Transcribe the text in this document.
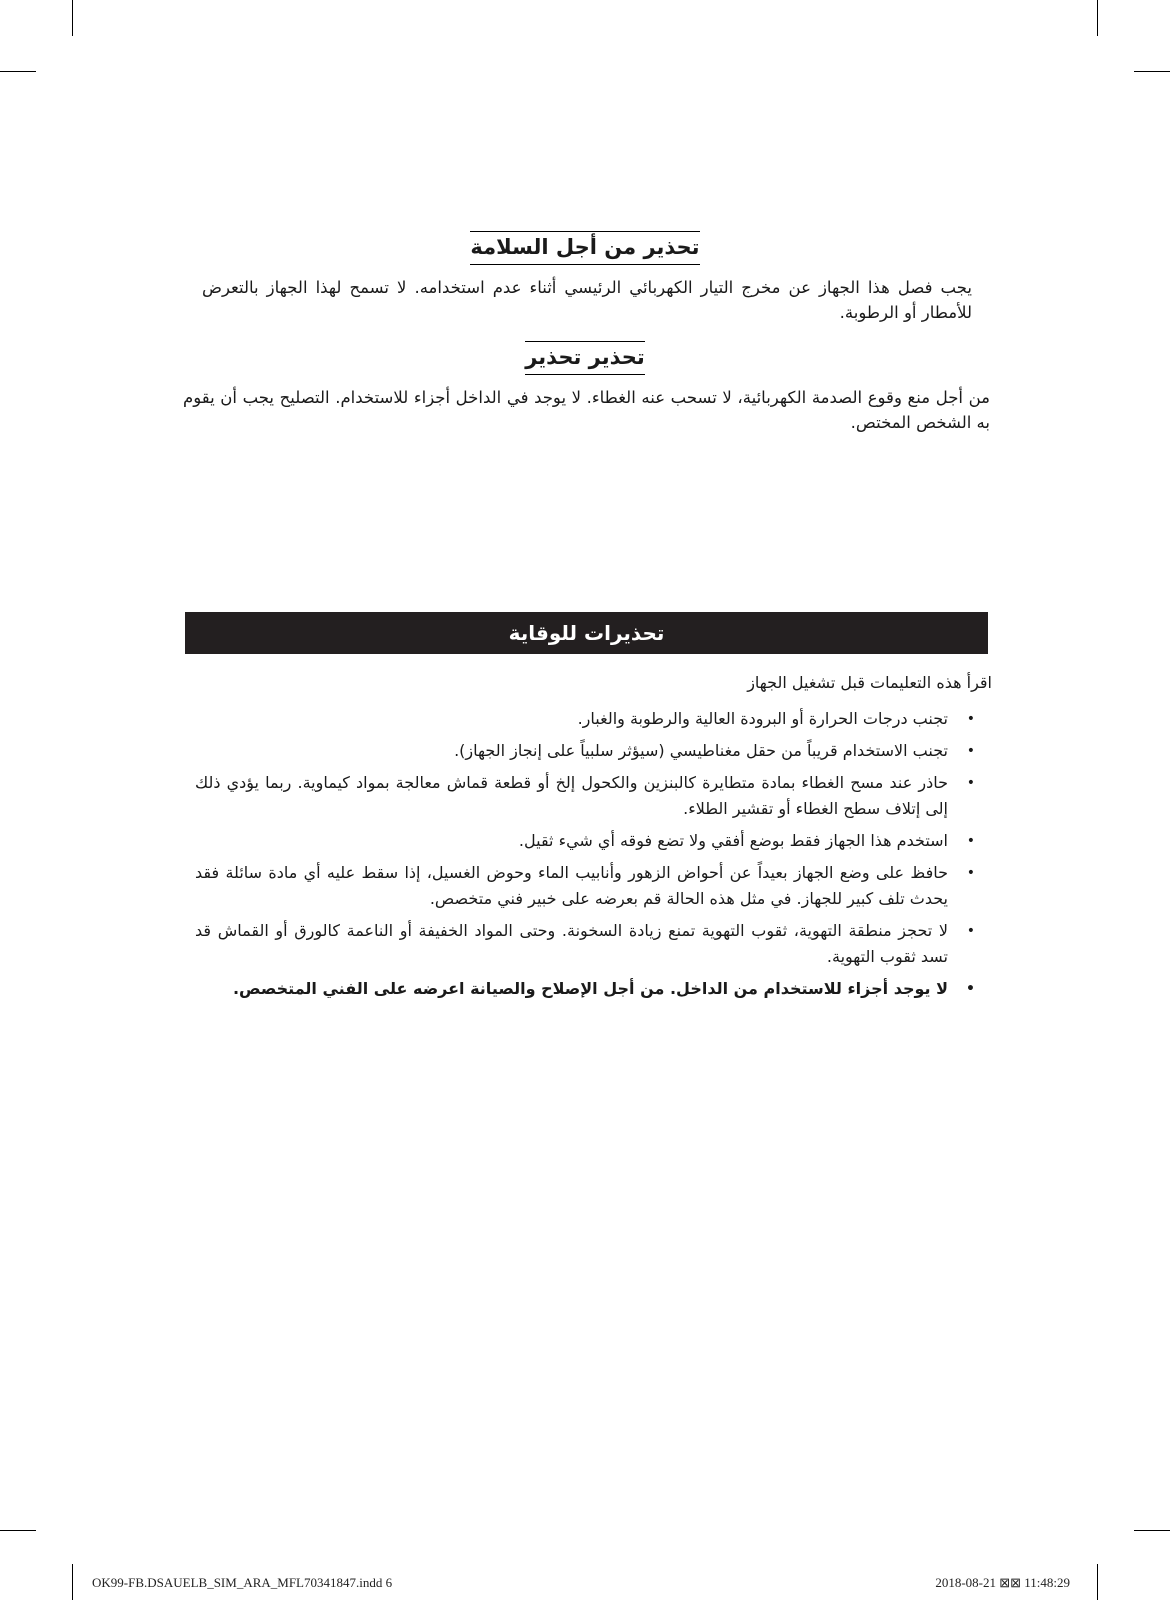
تحذير من أجل السلامة
يجب فصل هذا الجهاز عن مخرج التيار الكهربائي الرئيسي أثناء عدم استخدامه. لا تسمح لهذا الجهاز بالتعرض للأمطار أو الرطوبة.
تحذير تحذير
من أجل منع وقوع الصدمة الكهربائية، لا تسحب عنه الغطاء. لا يوجد في الداخل أجزاء للاستخدام. التصليح يجب أن يقوم به الشخص المختص.
تحذيرات للوقاية
اقرأ هذه التعليمات قبل تشغيل الجهاز
•
تجنب درجات الحرارة أو البرودة العالية والرطوبة والغبار.
•
تجنب الاستخدام قريباً من حقل مغناطيسي (سيؤثر سلبياً على إنجاز الجهاز).
•
حاذر عند مسح الغطاء بمادة متطايرة كالبنزين والكحول إلخ أو قطعة قماش معالجة بمواد كيماوية. ربما يؤدي ذلك إلى إتلاف سطح الغطاء أو تقشير الطلاء.
•
استخدم هذا الجهاز فقط بوضع أفقي ولا تضع فوقه أي شيء ثقيل.
•
حافظ على وضع الجهاز بعيداً عن أحواض الزهور وأنابيب الماء وحوض الغسيل، إذا سقط عليه أي مادة سائلة فقد يحدث تلف كبير للجهاز. في مثل هذه الحالة قم بعرضه على خبير فني متخصص.
•
لا تحجز منطقة التهوية، ثقوب التهوية تمنع زيادة السخونة. وحتى المواد الخفيفة أو الناعمة كالورق أو القماش قد تسد ثقوب التهوية.
•
لا يوجد أجزاء للاستخدام من الداخل. من أجل الإصلاح والصيانة اعرضه على الفني المتخصص.
OK99-FB.DSAUELB_SIM_ARA_MFL70341847.indd 6	2018-08-21 ⊠⊠ 11:48:29
